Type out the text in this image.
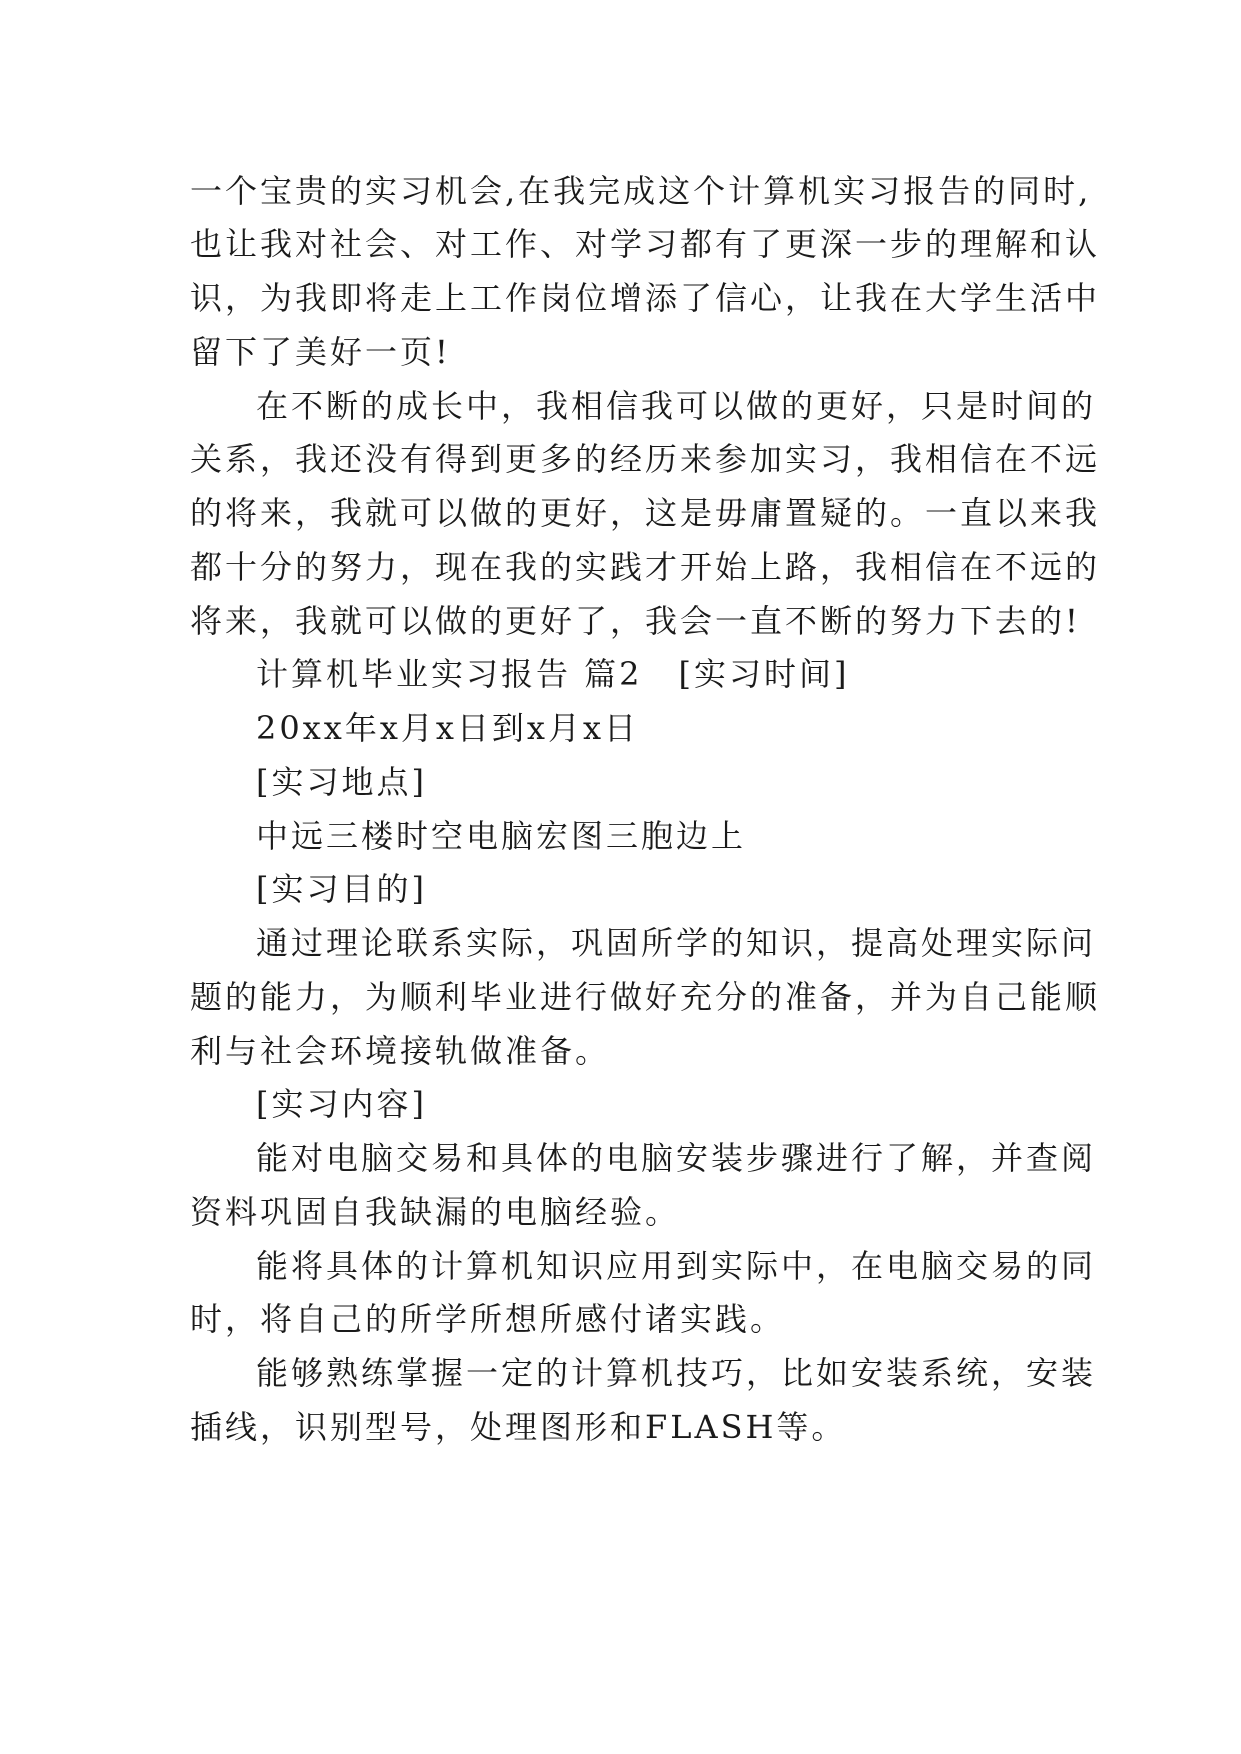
一个宝贵的实习机会,在我完成这个计算机实习报告的同时,
也让我对社会、对工作、对学习都有了更深一步的理解和认
识，为我即将走上工作岗位增添了信心，让我在大学生活中
留下了美好一页!
在不断的成长中，我相信我可以做的更好，只是时间的
关系，我还没有得到更多的经历来参加实习，我相信在不远
的将来，我就可以做的更好，这是毋庸置疑的。一直以来我
都十分的努力，现在我的实践才开始上路，我相信在不远的
将来，我就可以做的更好了，我会一直不断的努力下去的!
计算机毕业实习报告 篇2 [实习时间]
20xx年x月x日到x月x日
[实习地点]
中远三楼时空电脑宏图三胞边上
[实习目的]
通过理论联系实际，巩固所学的知识，提高处理实际问
题的能力，为顺利毕业进行做好充分的准备，并为自己能顺
利与社会环境接轨做准备。
[实习内容]
能对电脑交易和具体的电脑安装步骤进行了解，并查阅
资料巩固自我缺漏的电脑经验。
能将具体的计算机知识应用到实际中，在电脑交易的同
时，将自己的所学所想所感付诸实践。
能够熟练掌握一定的计算机技巧，比如安装系统，安装
插线，识别型号，处理图形和FLASH等。
